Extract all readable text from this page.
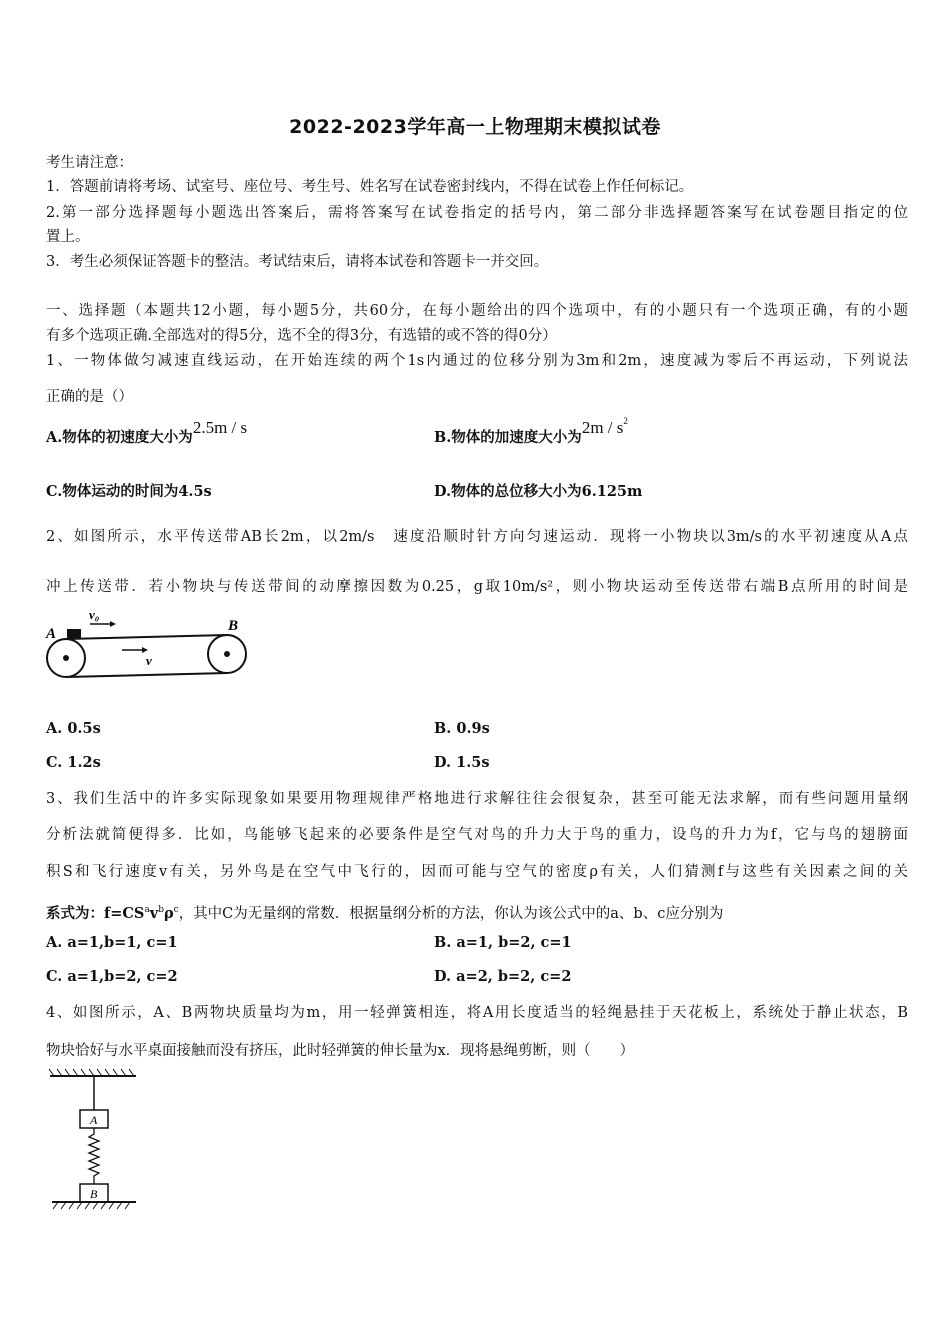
2022-2023学年高一上物理期末模拟试卷
考生请注意：
1．答题前请将考场、试室号、座位号、考生号、姓名写在试卷密封线内，不得在试卷上作任何标记。
2.第一部分选择题每小题选出答案后，需将答案写在试卷指定的括号内，第二部分非选择题答案写在试卷题目指定的位
置上。
3．考生必须保证答题卡的整洁。考试结束后，请将本试卷和答题卡一并交回。
一、选择题（本题共12小题，每小题5分，共60分，在每小题给出的四个选项中，有的小题只有一个选项正确，有的小题
有多个选项正确.全部选对的得5分，选不全的得3分，有选错的或不答的得0分）
1、一物体做匀减速直线运动，在开始连续的两个1s内通过的位移分别为3m和2m，速度减为零后不再运动，下列说法
正确的是（）
A.物体的初速度大小为2.5m / s
B.物体的加速度大小为$2m / s^2$
C.物体运动的时间为4.5s	D.物体的总位移大小为6.125m
2、如图所示，水平传送带AB长2m，以2m/s　速度沿顺时针方向匀速运动．现将一小物块以3m/s的水平初速度从A点
冲上传送带．若小物块与传送带间的动摩擦因数为0.25，g取10m/s²，则小物块运动至传送带右端B点所用的时间是
A	B
v₀
v
A. 0.5s	B. 0.9s
C. 1.2s	D. 1.5s
3、我们生活中的许多实际现象如果要用物理规律严格地进行求解往往会很复杂，甚至可能无法求解，而有些问题用量纲
分析法就简便得多．比如，鸟能够飞起来的必要条件是空气对鸟的升力大于鸟的重力，设鸟的升力为f，它与鸟的翅膀面
积S和飞行速度v有关，另外鸟是在空气中飞行的，因而可能与空气的密度ρ有关，人们猜测f与这些有关因素之间的关
系式为：$f=CS^av^b\rho^c$，其中C为无量纲的常数．根据量纲分析的方法，你认为该公式中的a、b、c应分别为
A. a=1,b=1, c=1	B. a=1, b=2, c=1
C. a=1,b=2, c=2	D. a=2, b=2, c=2
4、如图所示，A、B两物块质量均为m，用一轻弹簧相连，将A用长度适当的轻绳悬挂于天花板上，系统处于静止状态，B
物块恰好与水平桌面接触而没有挤压，此时轻弹簧的伸长量为x．现将悬绳剪断，则（　　）
A
B
